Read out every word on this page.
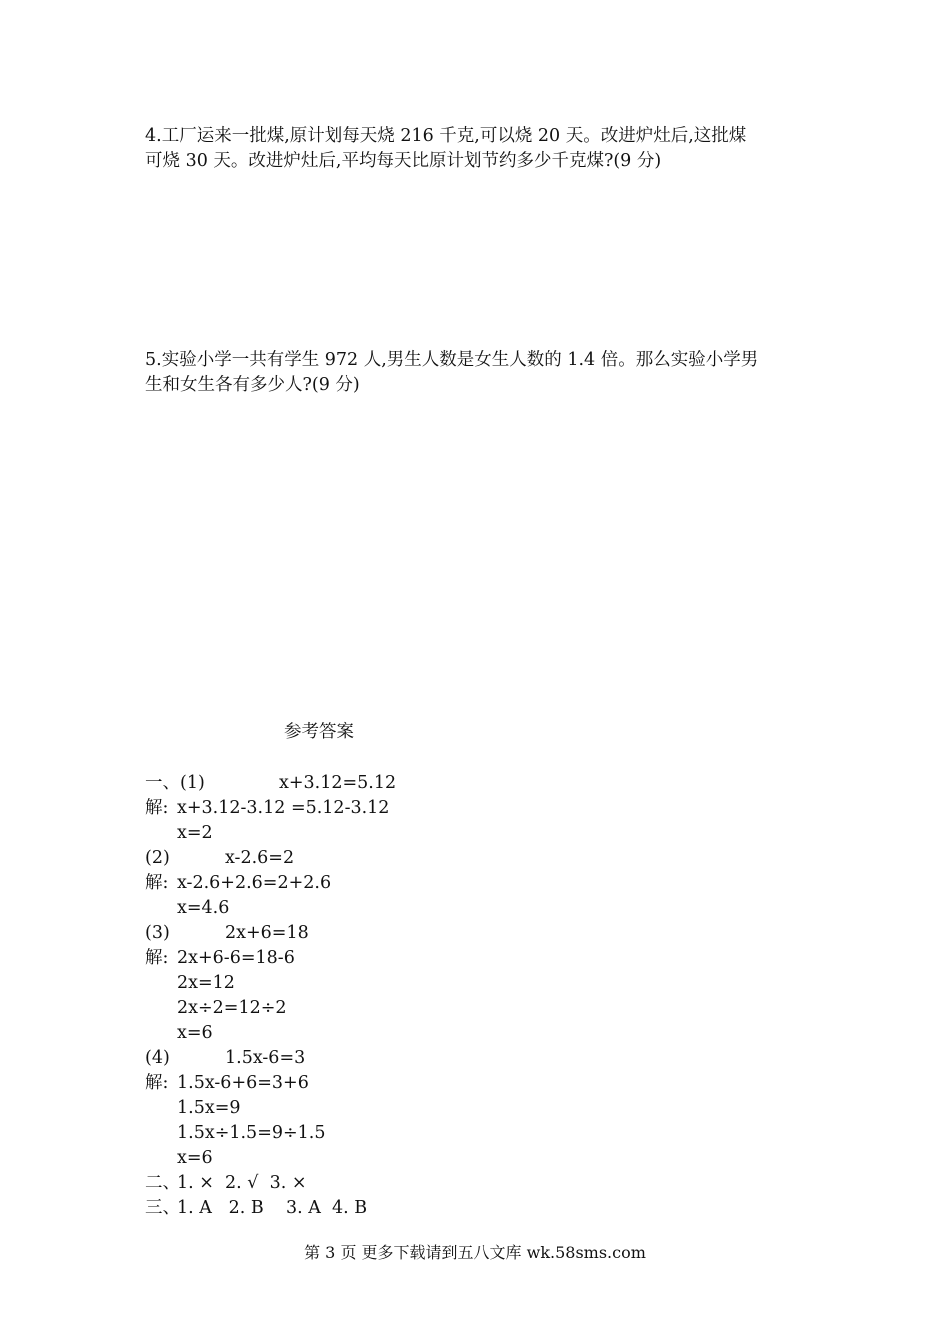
4.工厂运来一批煤,原计划每天烧 216 千克,可以烧 20 天。改进炉灶后,这批煤
可烧 30 天。改进炉灶后,平均每天比原计划节约多少千克煤?(9 分)
5.实验小学一共有学生 972 人,男生人数是女生人数的 1.4 倍。那么实验小学男
生和女生各有多少人?(9 分)
参考答案
一、(1)	x+3.12=5.12
解: x+3.12-3.12 =5.12-3.12
x=2
(2)	x-2.6=2
解: x-2.6+2.6=2+2.6
x=4.6
(3)	2x+6=18
解: 2x+6-6=18-6
2x=12
2x÷2=12÷2
x=6
(4)	1.5x-6=3
解: 1.5x-6+6=3+6
1.5x=9
1.5x÷1.5=9÷1.5
x=6
二、
1. ×  2. √  3. ×
三、
1. A   2. B    3. A  4. B
第 3 页 更多下载请到五八文库 wk.58sms.com
